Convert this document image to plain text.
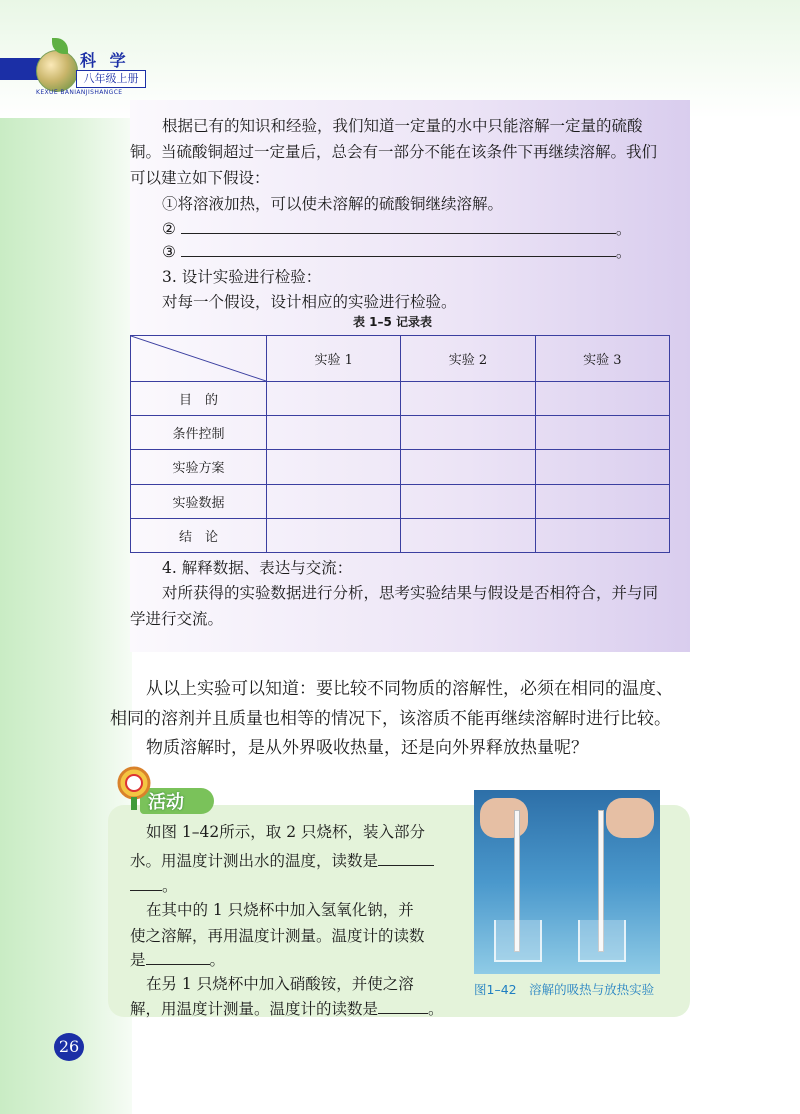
科 学
八年级上册
KEXUE BANIANJISHANGCE
根据已有的知识和经验，我们知道一定量的水中只能溶解一定量的硫酸
铜。当硫酸铜超过一定量后，总会有一部分不能在该条件下再继续溶解。我们
可以建立如下假设：
①将溶液加热，可以使未溶解的硫酸铜继续溶解。
②	。
③	。
3. 设计实验进行检验：
对每一个假设，设计相应的实验进行检验。
表 1–5 记录表
	实验 1	实验 2	实验 3
目　的			
条件控制			
实验方案			
实验数据			
结　论			
4. 解释数据、表达与交流：
对所获得的实验数据进行分析，思考实验结果与假设是否相符合，并与同
学进行交流。
从以上实验可以知道：要比较不同物质的溶解性，必须在相同的温度、
相同的溶剂并且质量也相等的情况下，该溶质不能再继续溶解时进行比较。
物质溶解时，是从外界吸收热量，还是向外界释放热量呢？
活动
图1–42　溶解的吸热与放热实验
如图 1–42所示，取 2 只烧杯，装入部分
水。用温度计测出水的温度，读数是
。
在其中的 1 只烧杯中加入氢氧化钠，并
使之溶解，再用温度计测量。温度计的读数
是	。
在另 1 只烧杯中加入硝酸铵，并使之溶
解，用温度计测量。温度计的读数是	。
26
